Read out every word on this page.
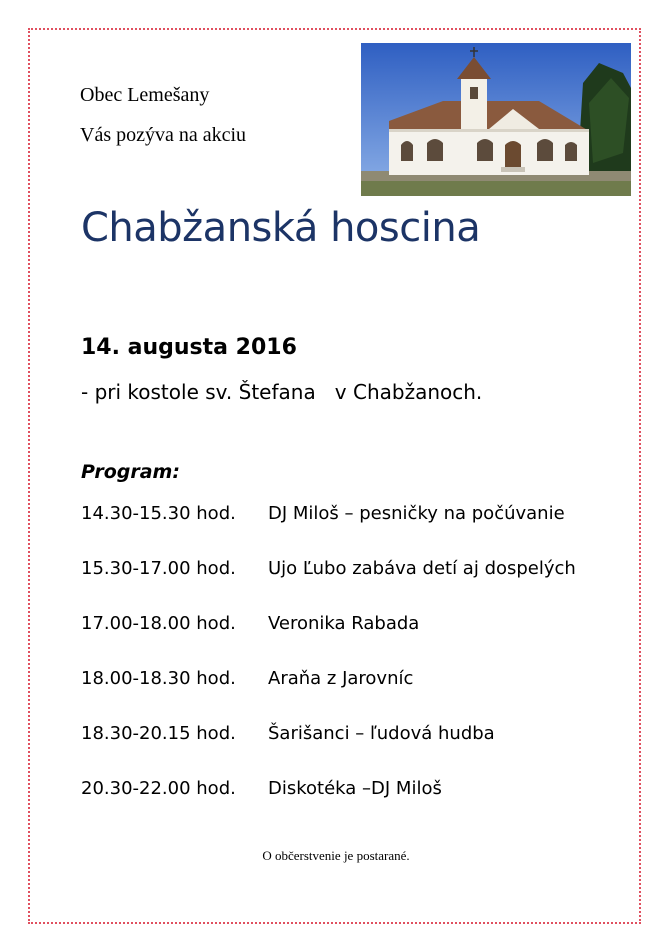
Obec Lemešany
Vás pozýva na akciu
Chabžanská hoscina
14. augusta 2016
- pri kostole sv. Štefana   v Chabžanoch.
Program:
14.30-15.30 hod. DJ Miloš – pesničky na počúvanie
15.30-17.00 hod. Ujo Ľubo zabáva detí aj dospelých
17.00-18.00 hod. Veronika Rabada
18.00-18.30 hod. Araňa z Jarovníc
18.30-20.15 hod. Šarišanci – ľudová hudba
20.30-22.00 hod. Diskotéka –DJ Miloš
O občerstvenie je postarané.
